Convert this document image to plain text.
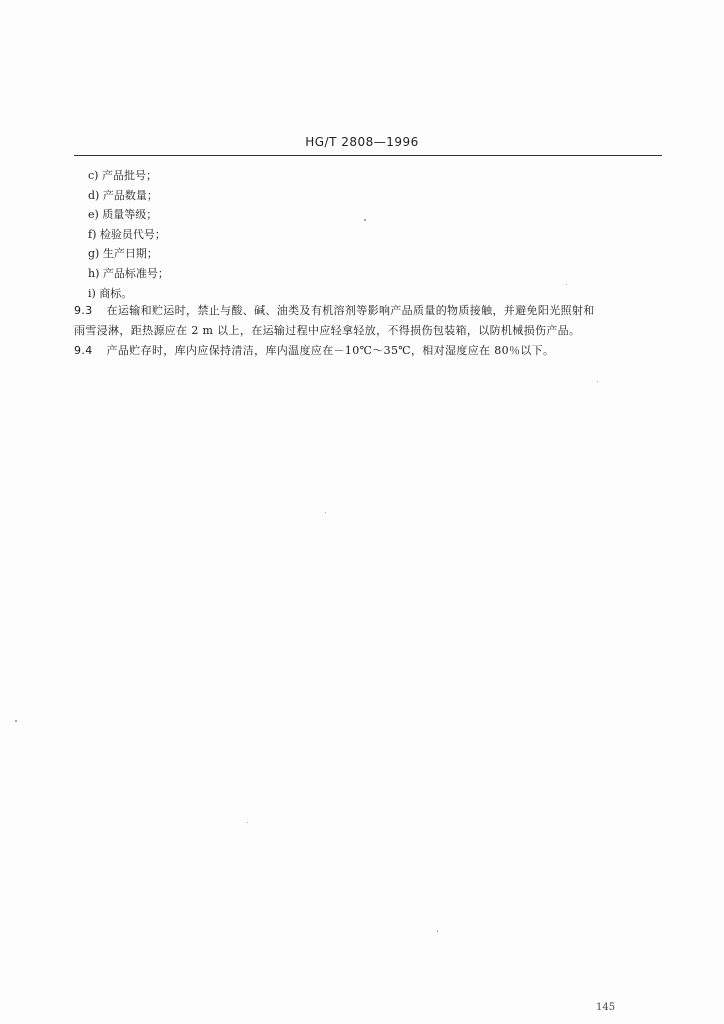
HG/T 2808—1996
c) 产品批号；
d) 产品数量；
e) 质量等级；
f) 检验员代号；
g) 生产日期；
h) 产品标准号；
i) 商标。
9.3 在运输和贮运时，禁止与酸、碱、油类及有机溶剂等影响产品质量的物质接触，并避免阳光照射和
雨雪浸淋，距热源应在 2 m 以上，在运输过程中应轻拿轻放，不得损伤包装箱，以防机械损伤产品。
9.4 产品贮存时，库内应保持清洁，库内温度应在－10℃～35℃，相对湿度应在 80％以下。
145
